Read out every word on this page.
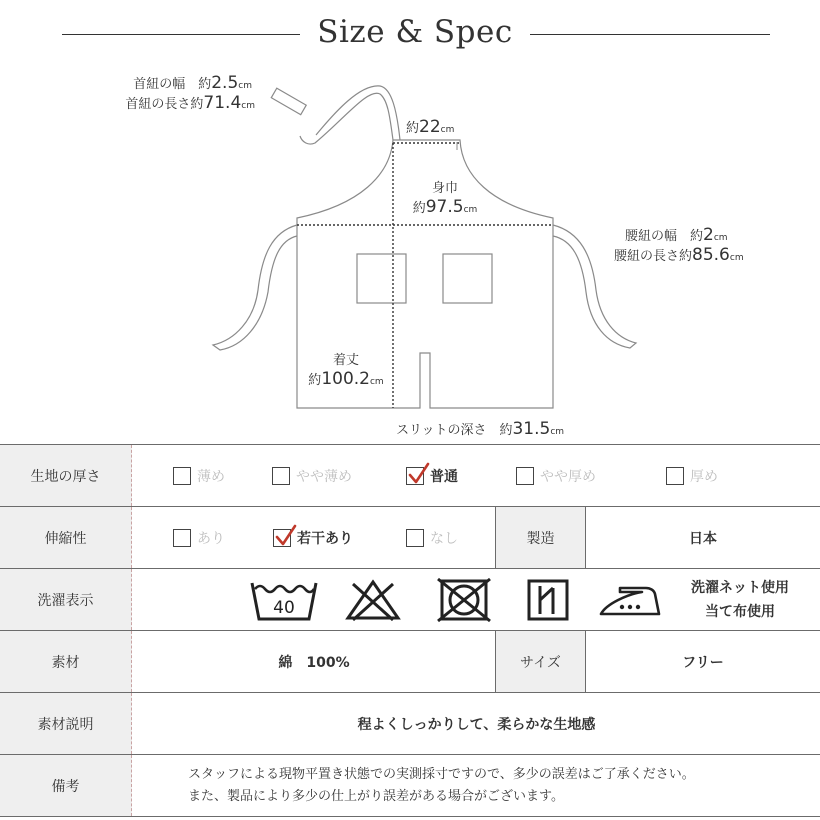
Size & Spec
首紐の幅　約2.5cm
首紐の長さ約71.4cm
約22cm
身巾
約97.5cm
腰紐の幅　約2cm
腰紐の長さ約85.6cm
着丈
約100.2cm
スリットの深さ　約31.5cm
生地の厚さ	薄め	やや薄め	普通	やや厚め	厚め
伸縮性	あり	若干あり	なし	製造	日本
洗濯表示	40
洗濯ネット使用
当て布使用
素材	綿　100%	サイズ	フリー
素材説明	程よくしっかりして、柔らかな生地感
備考
スタッフによる現物平置き状態での実測採寸ですので、多少の誤差はご了承ください。
また、製品により多少の仕上がり誤差がある場合がございます。
